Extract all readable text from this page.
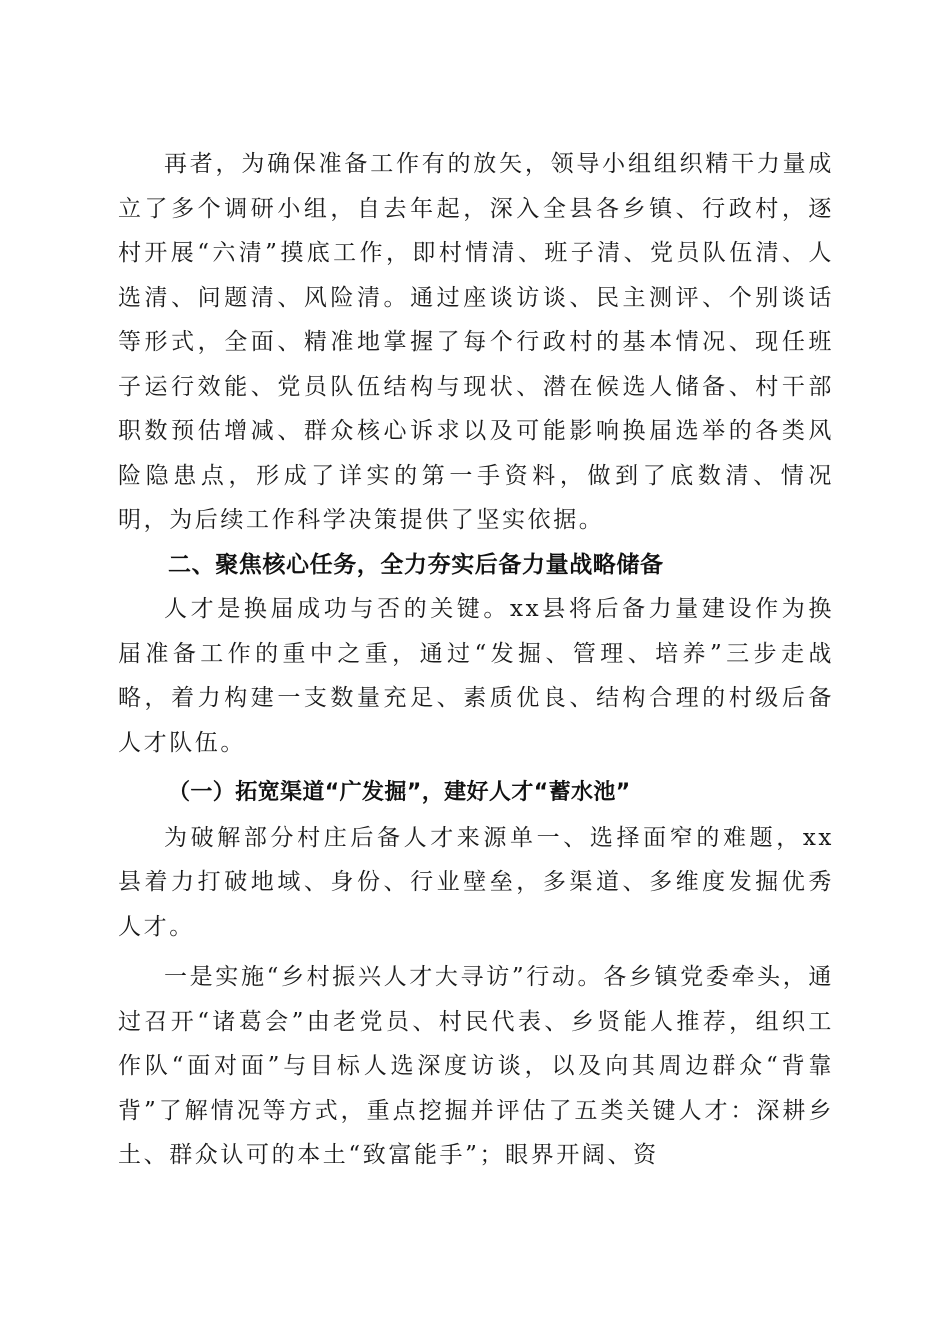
再者，为确保准备工作有的放矢，领导小组组织精干力量成立了多个调研小组，自去年起，深入全县各乡镇、行政村，逐村开展“六清”摸底工作，即村情清、班子清、党员队伍清、人选清、问题清、风险清。通过座谈访谈、民主测评、个别谈话等形式，全面、精准地掌握了每个行政村的基本情况、现任班子运行效能、党员队伍结构与现状、潜在候选人储备、村干部职数预估增减、群众核心诉求以及可能影响换届选举的各类风险隐患点，形成了详实的第一手资料，做到了底数清、情况明，为后续工作科学决策提供了坚实依据。

二、聚焦核心任务，全力夯实后备力量战略储备

人才是换届成功与否的关键。xx县将后备力量建设作为换届准备工作的重中之重，通过“发掘、管理、培养”三步走战略，着力构建一支数量充足、素质优良、结构合理的村级后备人才队伍。

（一）拓宽渠道“广发掘”，建好人才“蓄水池”

为破解部分村庄后备人才来源单一、选择面窄的难题，xx县着力打破地域、身份、行业壁垒，多渠道、多维度发掘优秀人才。

一是实施“乡村振兴人才大寻访”行动。各乡镇党委牵头，通过召开“诸葛会”由老党员、村民代表、乡贤能人推荐，组织工作队“面对面”与目标人选深度访谈，以及向其周边群众“背靠背”了解情况等方式，重点挖掘并评估了五类关键人才：深耕乡土、群众认可的本土“致富能手”；眼界开阔、资
